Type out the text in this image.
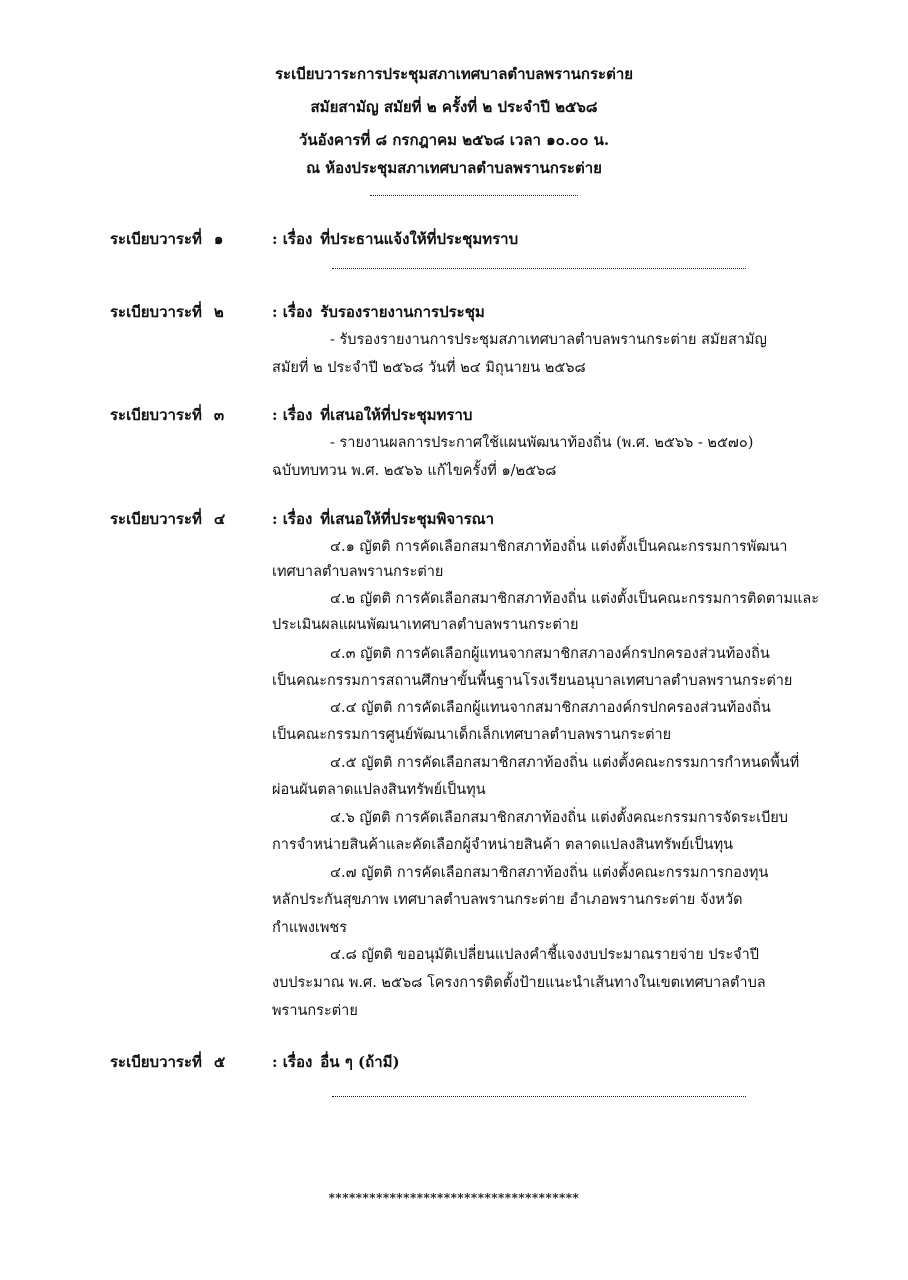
ระเบียบวาระการประชุมสภาเทศบาลตำบลพรานกระต่าย
สมัยสามัญ สมัยที่ ๒ ครั้งที่ ๒ ประจำปี ๒๕๖๘
วันอังคารที่ ๘ กรกฎาคม ๒๕๖๘ เวลา ๑๐.๐๐ น.
ณ ห้องประชุมสภาเทศบาลตำบลพรานกระต่าย
ระเบียบวาระที่ ๑	: เรื่อง ที่ประธานแจ้งให้ที่ประชุมทราบ
ระเบียบวาระที่ ๒	: เรื่อง รับรองรายงานการประชุม
- รับรองรายงานการประชุมสภาเทศบาลตำบลพรานกระต่าย สมัยสามัญ
สมัยที่ ๒ ประจำปี ๒๕๖๘ วันที่ ๒๔ มิถุนายน ๒๕๖๘
ระเบียบวาระที่ ๓	: เรื่อง ที่เสนอให้ที่ประชุมทราบ
- รายงานผลการประกาศใช้แผนพัฒนาท้องถิ่น (พ.ศ. ๒๕๖๖ - ๒๕๗๐)
ฉบับทบทวน พ.ศ. ๒๕๖๖ แก้ไขครั้งที่ ๑/๒๕๖๘
ระเบียบวาระที่ ๔	: เรื่อง ที่เสนอให้ที่ประชุมพิจารณา
๔.๑ ญัตติ การคัดเลือกสมาชิกสภาท้องถิ่น แต่งตั้งเป็นคณะกรรมการพัฒนา
เทศบาลตำบลพรานกระต่าย
๔.๒ ญัตติ การคัดเลือกสมาชิกสภาท้องถิ่น แต่งตั้งเป็นคณะกรรมการติดตามและ
ประเมินผลแผนพัฒนาเทศบาลตำบลพรานกระต่าย
๔.๓ ญัตติ การคัดเลือกผู้แทนจากสมาชิกสภาองค์กรปกครองส่วนท้องถิ่น
เป็นคณะกรรมการสถานศึกษาขั้นพื้นฐานโรงเรียนอนุบาลเทศบาลตำบลพรานกระต่าย
๔.๔ ญัตติ การคัดเลือกผู้แทนจากสมาชิกสภาองค์กรปกครองส่วนท้องถิ่น
เป็นคณะกรรมการศูนย์พัฒนาเด็กเล็กเทศบาลตำบลพรานกระต่าย
๔.๕ ญัตติ การคัดเลือกสมาชิกสภาท้องถิ่น แต่งตั้งคณะกรรมการกำหนดพื้นที่
ผ่อนผันตลาดแปลงสินทรัพย์เป็นทุน
๔.๖ ญัตติ การคัดเลือกสมาชิกสภาท้องถิ่น แต่งตั้งคณะกรรมการจัดระเบียบ
การจำหน่ายสินค้าและคัดเลือกผู้จำหน่ายสินค้า ตลาดแปลงสินทรัพย์เป็นทุน
๔.๗ ญัตติ การคัดเลือกสมาชิกสภาท้องถิ่น แต่งตั้งคณะกรรมการกองทุน
หลักประกันสุขภาพ เทศบาลตำบลพรานกระต่าย อำเภอพรานกระต่าย จังหวัด
กำแพงเพชร
๔.๘ ญัตติ ขออนุมัติเปลี่ยนแปลงคำชี้แจงงบประมาณรายจ่าย ประจำปี
งบประมาณ พ.ศ. ๒๕๖๘ โครงการติดตั้งป้ายแนะนำเส้นทางในเขตเทศบาลตำบล
พรานกระต่าย
ระเบียบวาระที่ ๕	: เรื่อง อื่น ๆ (ถ้ามี)
*************************************
